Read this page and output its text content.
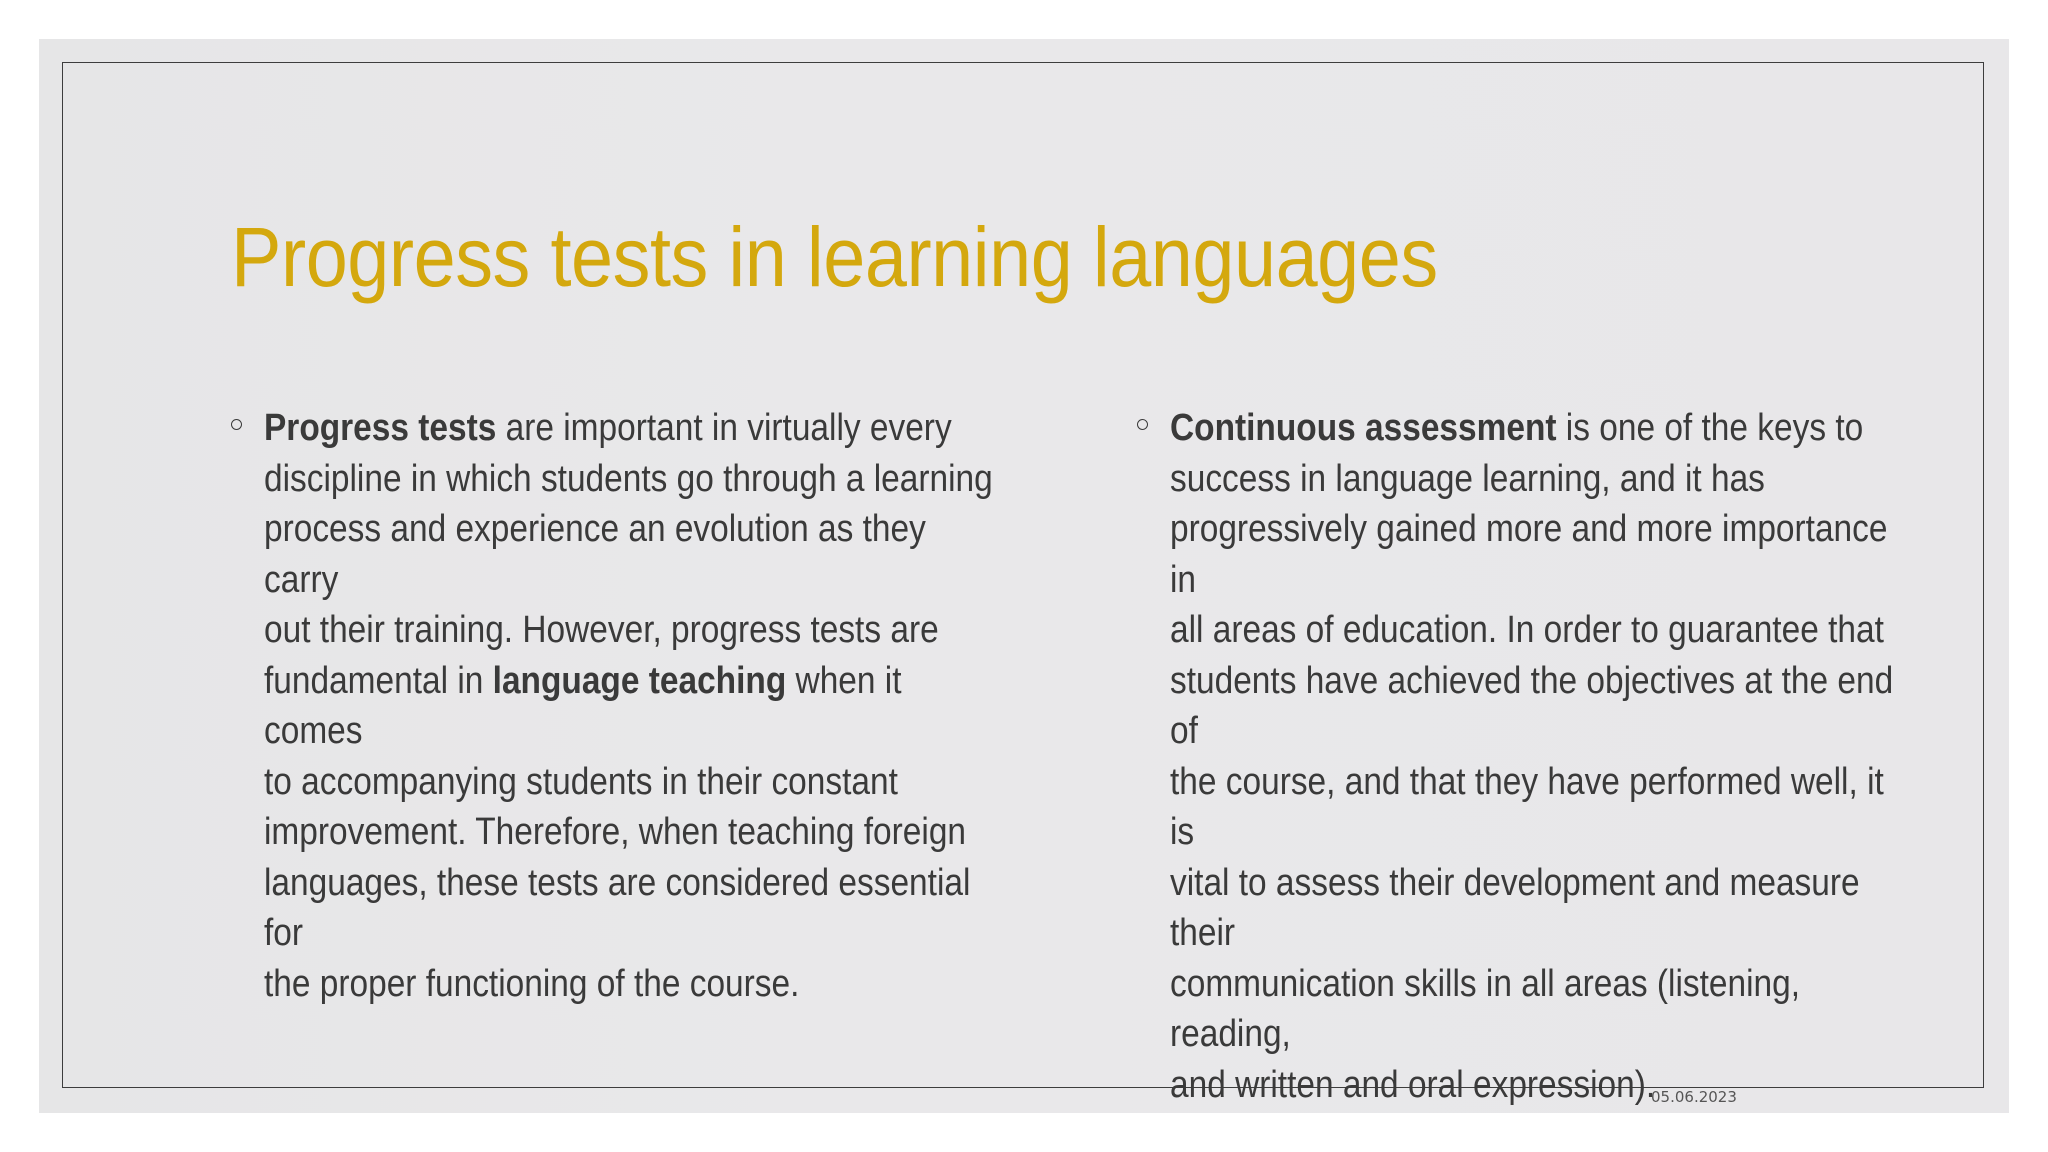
Progress tests in learning languages
Progress tests are important in virtually every
discipline in which students go through a learning
process and experience an evolution as they carry
out their training. However, progress tests are
fundamental in language teaching when it comes
to accompanying students in their constant
improvement. Therefore, when teaching foreign
languages, these tests are considered essential for
the proper functioning of the course.
Continuous assessment is one of the keys to
success in language learning, and it has
progressively gained more and more importance in
all areas of education. In order to guarantee that
students have achieved the objectives at the end of
the course, and that they have performed well, it is
vital to assess their development and measure their
communication skills in all areas (listening, reading,
and written and oral expression).
05.06.2023
